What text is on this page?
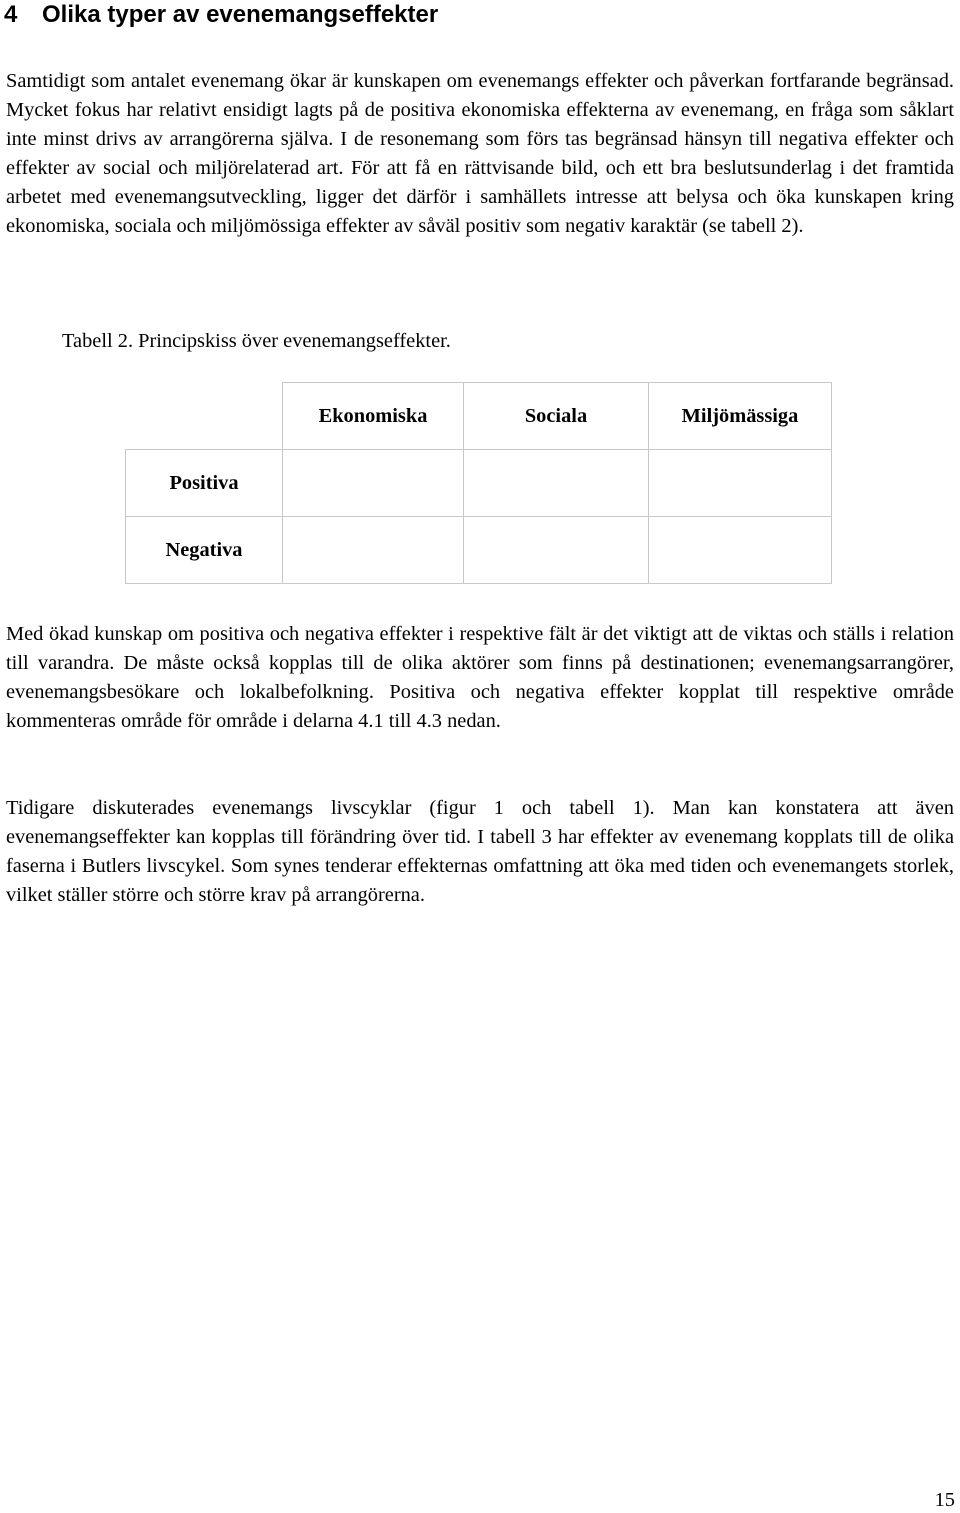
4 Olika typer av evenemangseffekter

Samtidigt som antalet evenemang ökar är kunskapen om evenemangs effekter och påverkan fortfarande begränsad. Mycket fokus har relativt ensidigt lagts på de positiva ekonomiska effekterna av evenemang, en fråga som såklart inte minst drivs av arrangörerna själva. I de resonemang som förs tas begränsad hänsyn till negativa effekter och effekter av social och miljörelaterad art. För att få en rättvisande bild, och ett bra beslutsunderlag i det framtida arbetet med evenemangsutveckling, ligger det därför i samhällets intresse att belysa och öka kunskapen kring ekonomiska, sociala och miljömössiga effekter av såväl positiv som negativ karaktär (se tabell 2).

Tabell 2. Principskiss över evenemangseffekter.

	Ekonomiska	Sociala	Miljömässiga
Positiva			
Negativa			

Med ökad kunskap om positiva och negativa effekter i respektive fält är det viktigt att de viktas och ställs i relation till varandra. De måste också kopplas till de olika aktörer som finns på destinationen; evenemangsarrangörer, evenemangsbesökare och lokalbefolkning. Positiva och negativa effekter kopplat till respektive område kommenteras område för område i delarna 4.1 till 4.3 nedan.

Tidigare diskuterades evenemangs livscyklar (figur 1 och tabell 1). Man kan konstatera att även evenemangseffekter kan kopplas till förändring över tid. I tabell 3 har effekter av evenemang kopplats till de olika faserna i Butlers livscykel. Som synes tenderar effekternas omfattning att öka med tiden och evenemangets storlek, vilket ställer större och större krav på arrangörerna.

15
